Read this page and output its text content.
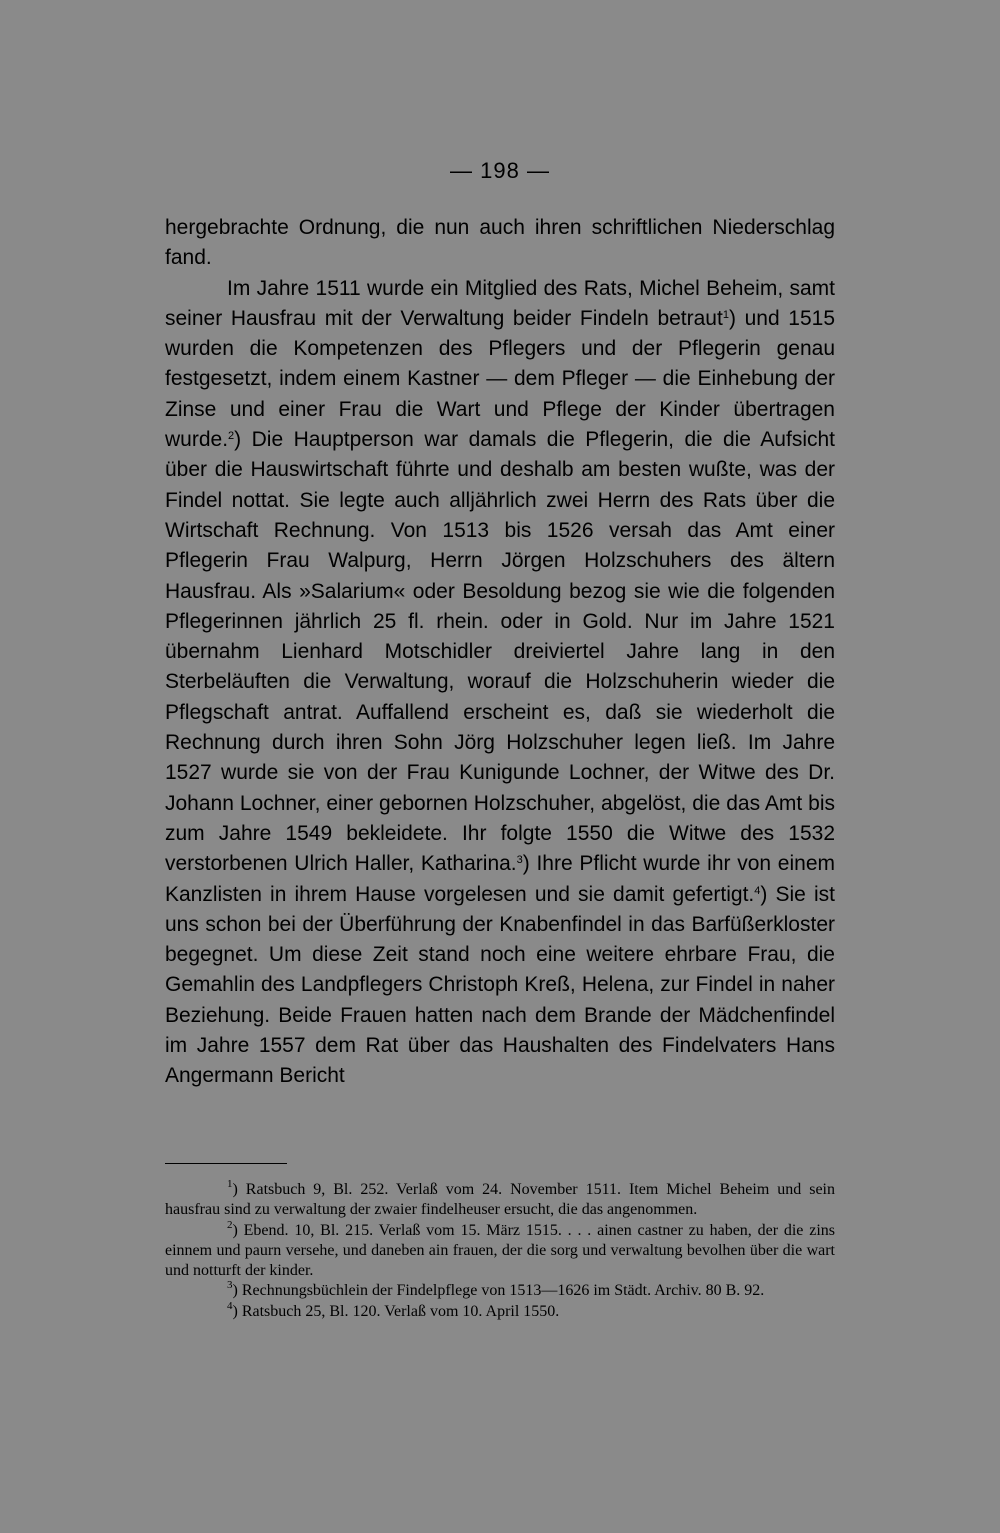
— 198 —

hergebrachte Ordnung, die nun auch ihren schriftlichen Niederschlag fand.

Im Jahre 1511 wurde ein Mitglied des Rats, Michel Beheim, samt seiner Hausfrau mit der Verwaltung beider Findeln betraut$^1$) und 1515 wurden die Kompetenzen des Pflegers und der Pflegerin genau festgesetzt, indem einem Kastner — dem Pfleger — die Einhebung der Zinse und einer Frau die Wart und Pflege der Kinder übertragen wurde.$^2$) Die Hauptperson war damals die Pflegerin, die die Aufsicht über die Hauswirtschaft führte und deshalb am besten wußte, was der Findel nottat. Sie legte auch alljährlich zwei Herrn des Rats über die Wirtschaft Rechnung. Von 1513 bis 1526 versah das Amt einer Pflegerin Frau Walpurg, Herrn Jörgen Holzschuhers des ältern Hausfrau. Als »Salarium« oder Besoldung bezog sie wie die folgenden Pflegerinnen jährlich 25 fl. rhein. oder in Gold. Nur im Jahre 1521 übernahm Lienhard Motschidler dreiviertel Jahre lang in den Sterbeläuften die Verwaltung, worauf die Holzschuherin wieder die Pflegschaft antrat. Auffallend erscheint es, daß sie wiederholt die Rechnung durch ihren Sohn Jörg Holzschuher legen ließ. Im Jahre 1527 wurde sie von der Frau Kunigunde Lochner, der Witwe des Dr. Johann Lochner, einer gebornen Holzschuher, abgelöst, die das Amt bis zum Jahre 1549 bekleidete. Ihr folgte 1550 die Witwe des 1532 verstorbenen Ulrich Haller, Katharina.$^3$) Ihre Pflicht wurde ihr von einem Kanzlisten in ihrem Hause vorgelesen und sie damit gefertigt.$^4$) Sie ist uns schon bei der Überführung der Knabenfindel in das Barfüßerkloster begegnet. Um diese Zeit stand noch eine weitere ehrbare Frau, die Gemahlin des Landpflegers Christoph Kreß, Helena, zur Findel in naher Beziehung. Beide Frauen hatten nach dem Brande der Mädchenfindel im Jahre 1557 dem Rat über das Haushalten des Findelvaters Hans Angermann Bericht

$^1$) Ratsbuch 9, Bl. 252. Verlaß vom 24. November 1511. Item Michel Beheim und sein hausfrau sind zu verwaltung der zwaier findelheuser ersucht, die das angenommen.

$^2$) Ebend. 10, Bl. 215. Verlaß vom 15. März 1515. . . . ainen castner zu haben, der die zins einnem und paurn versehe, und daneben ain frauen, der die sorg und verwaltung bevolhen über die wart und notturft der kinder.

$^3$) Rechnungsbüchlein der Findelpflege von 1513—1626 im Städt. Archiv. 80 B. 92.

$^4$) Ratsbuch 25, Bl. 120. Verlaß vom 10. April 1550.
